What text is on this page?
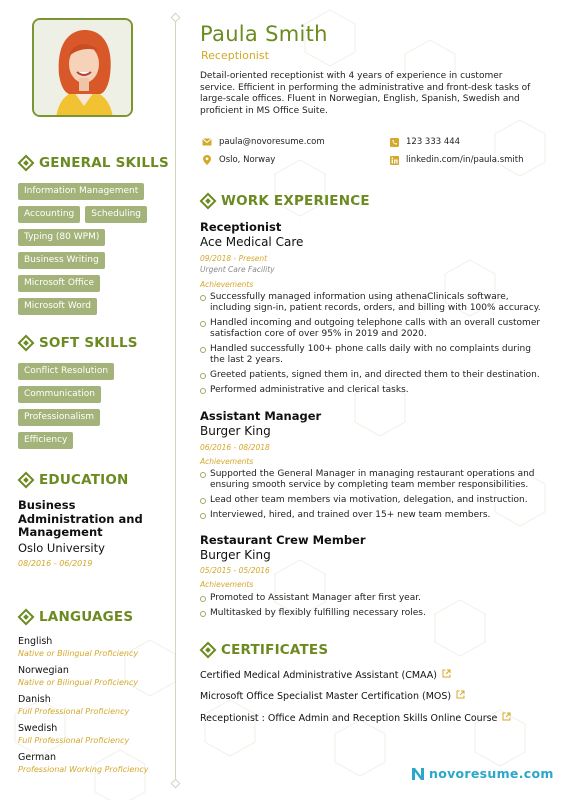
GENERAL SKILLS
Information Management
Accounting	Scheduling
Typing (80 WPM)
Business Writing
Microsoft Office
Microsoft Word
SOFT SKILLS
Conflict Resolution
Communication
Professionalism
Efficiency
EDUCATION
Business Administration and Management
Oslo University
08/2016 - 06/2019
LANGUAGES
English
Native or Bilingual Proficiency
Norwegian
Native or Bilingual Proficiency
Danish
Full Professional Proficiency
Swedish
Full Professional Proficiency
German
Professional Working Proficiency
Paula Smith
Receptionist
Detail-oriented receptionist with 4 years of experience in customer service. Efficient in performing the administrative and front-desk tasks of large-scale offices. Fluent in Norwegian, English, Spanish, Swedish and proficient in MS Office Suite.
paula@novoresume.com	123 333 444
Oslo, Norway	linkedin.com/in/paula.smith
WORK EXPERIENCE
Receptionist
Ace Medical Care
09/2018 - Present
Urgent Care Facility
Achievements
Successfully managed information using athenaClinicals software, including sign-in, patient records, orders, and billing with 100% accuracy.
Handled incoming and outgoing telephone calls with an overall customer satisfaction core of over 95% in 2019 and 2020.
Handled successfully 100+ phone calls daily with no complaints during the last 2 years.
Greeted patients, signed them in, and directed them to their destination.
Performed administrative and clerical tasks.
Assistant Manager
Burger King
06/2016 - 08/2018
Achievements
Supported the General Manager in managing restaurant operations and ensuring smooth service by completing team member responsibilities.
Lead other team members via motivation, delegation, and instruction.
Interviewed, hired, and trained over 15+ new team members.
Restaurant Crew Member
Burger King
05/2015 - 05/2016
Achievements
Promoted to Assistant Manager after first year.
Multitasked by flexibly fulfilling necessary roles.
CERTIFICATES
Certified Medical Administrative Assistant (CMAA)
Microsoft Office Specialist Master Certification (MOS)
Receptionist : Office Admin and Reception Skills Online Course
novoresume.com
